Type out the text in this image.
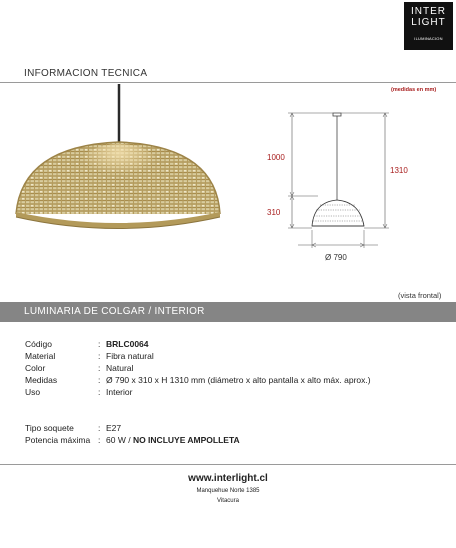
INTER
LIGHT
ILUMINACION
INFORMACION TECNICA
(medidas en mm)
1000
310
1310
Ø 790
(vista frontal)
LUMINARIA DE COLGAR / INTERIOR
Código	: BRLC0064
Material	: Fibra natural
Color	: Natural
Medidas	: Ø 790 x 310 x H 1310 mm (diámetro x alto pantalla x alto máx. aprox.)
Uso	: Interior
Tipo soquete	: E27
Potencia máxima : 60 W / NO INCLUYE AMPOLLETA
www.interlight.cl
Manquehue Norte 1385
Vitacura
